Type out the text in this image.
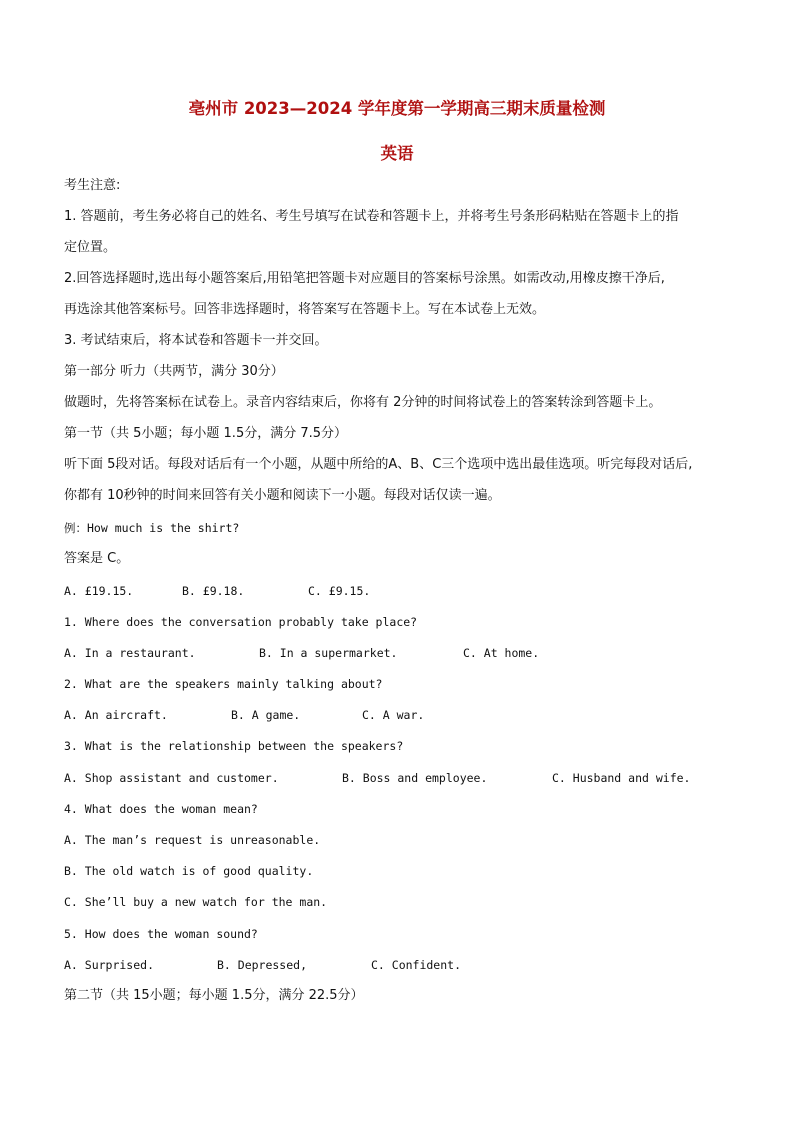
亳州市 2023—2024 学年度第一学期高三期末质量检测
英语
考生注意:
1. 答题前，考生务必将自己的姓名、考生号填写在试卷和答题卡上，并将考生号条形码粘贴在答题卡上的指
定位置。
2.回答选择题时,选出每小题答案后,用铅笔把答题卡对应题目的答案标号涂黑。如需改动,用橡皮擦干净后,
再选涂其他答案标号。回答非选择题时，将答案写在答题卡上。写在本试卷上无效。
3. 考试结束后，将本试卷和答题卡一并交回。
第一部分 听力（共两节，满分 30分）
做题时，先将答案标在试卷上。录音内容结束后，你将有 2分钟的时间将试卷上的答案转涂到答题卡上。
第一节（共 5小题；每小题 1.5分，满分 7.5分）
听下面 5段对话。每段对话后有一个小题，从题中所给的A、B、C三个选项中选出最佳选项。听完每段对话后,
你都有 10秒钟的时间来回答有关小题和阅读下一小题。每段对话仅读一遍。
例：How much is the shirt?
答案是 C。
A. £19.15.	B. £9.18.	C. £9.15.
1. Where does the conversation probably take place?
A. In a restaurant.	B. In a supermarket.	C. At home.
2. What are the speakers mainly talking about?
A. An aircraft.	B. A game.	C. A war.
3. What is the relationship between the speakers?
A. Shop assistant and customer.	B. Boss and employee.	C. Husband and wife.
4. What does the woman mean?
A. The man’s request is unreasonable.
B. The old watch is of good quality.
C. She’ll buy a new watch for the man.
5. How does the woman sound?
A. Surprised.	B. Depressed,	C. Confident.
第二节（共 15小题；每小题 1.5分，满分 22.5分）
